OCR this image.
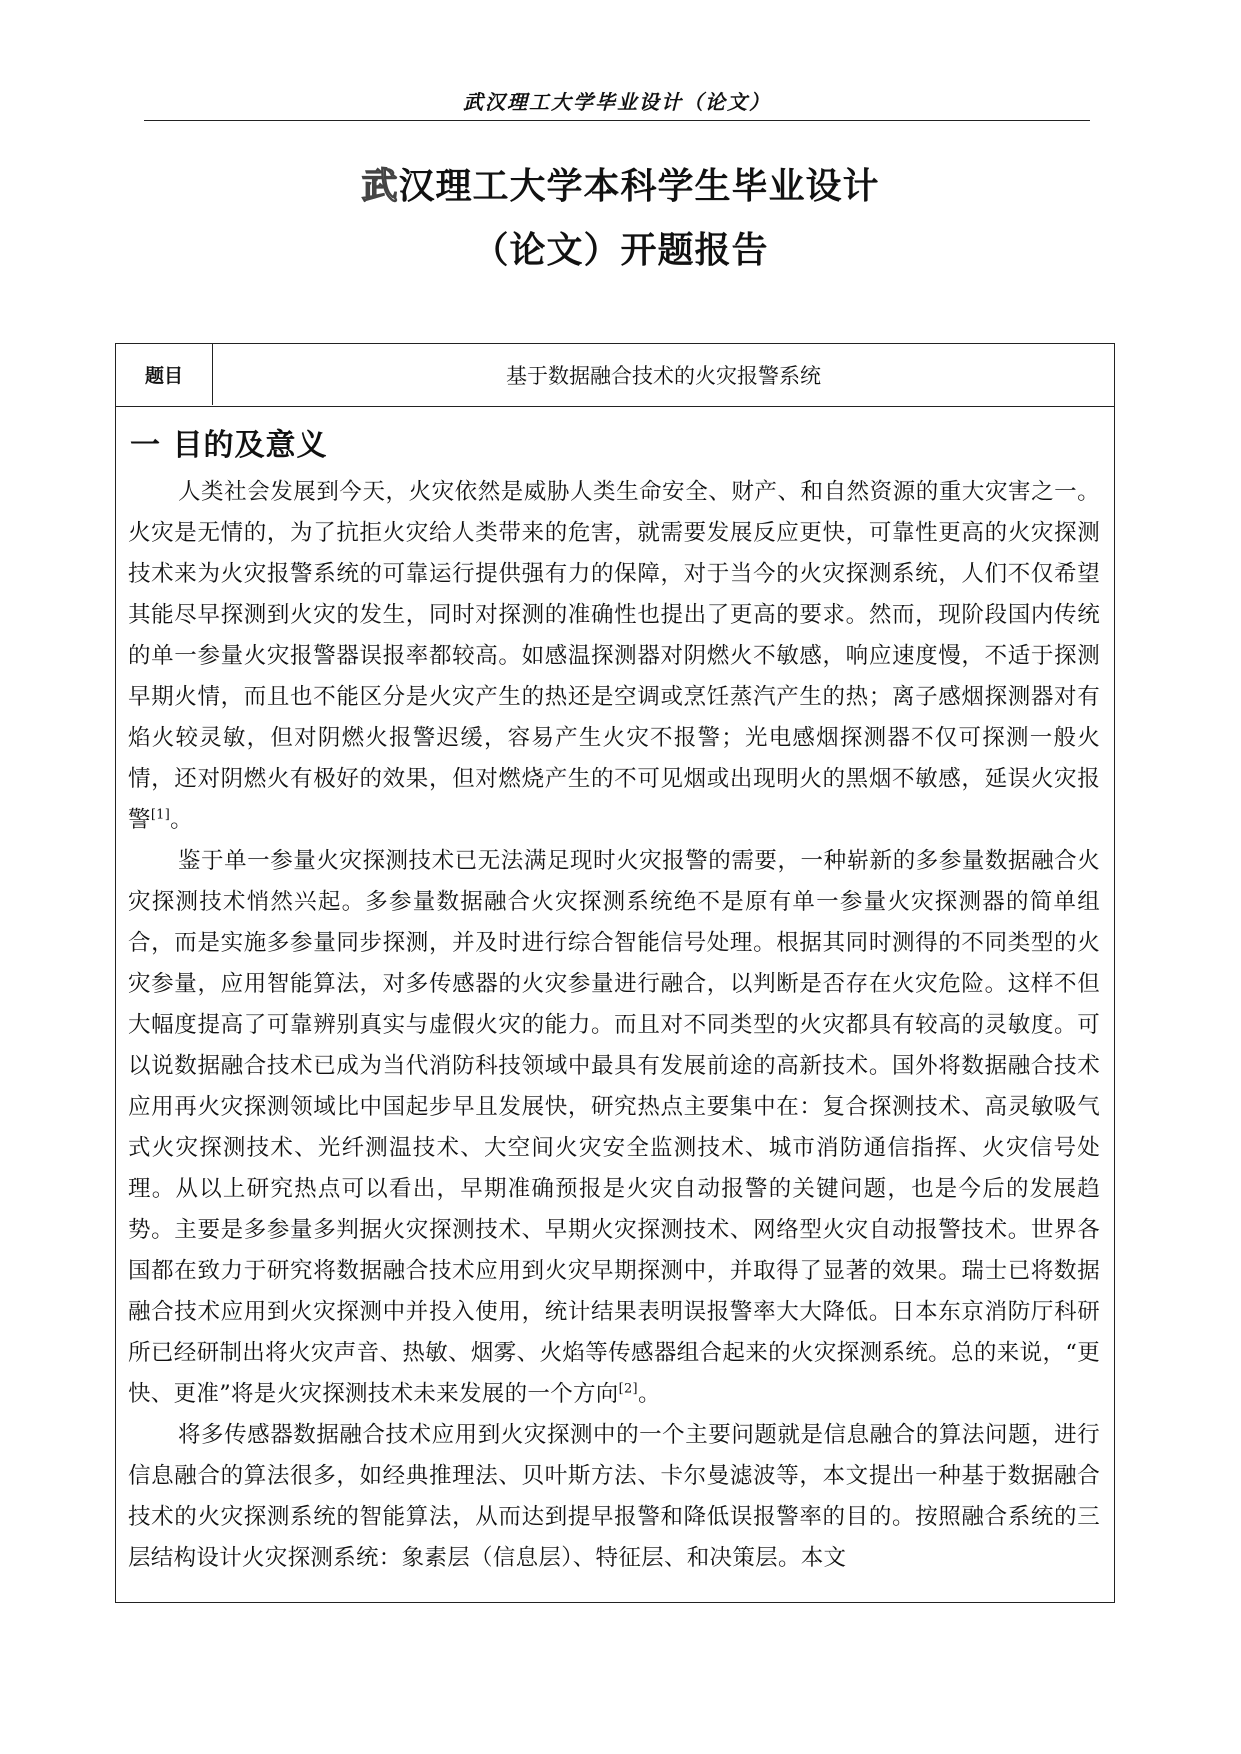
武汉理工大学毕业设计（论文）
武汉理工大学本科学生毕业设计
（论文）开题报告
题目	基于数据融合技术的火灾报警系统
一 目的及意义

人类社会发展到今天，火灾依然是威胁人类生命安全、财产、和自然资源的重大灾害之一。火灾是无情的，为了抗拒火灾给人类带来的危害，就需要发展反应更快，可靠性更高的火灾探测技术来为火灾报警系统的可靠运行提供强有力的保障，对于当今的火灾探测系统，人们不仅希望其能尽早探测到火灾的发生，同时对探测的准确性也提出了更高的要求。然而，现阶段国内传统的单一参量火灾报警器误报率都较高。如感温探测器对阴燃火不敏感，响应速度慢，不适于探测早期火情，而且也不能区分是火灾产生的热还是空调或烹饪蒸汽产生的热；离子感烟探测器对有焰火较灵敏，但对阴燃火报警迟缓，容易产生火灾不报警；光电感烟探测器不仅可探测一般火情，还对阴燃火有极好的效果，但对燃烧产生的不可见烟或出现明火的黑烟不敏感，延误火灾报警[1]。

鉴于单一参量火灾探测技术已无法满足现时火灾报警的需要，一种崭新的多参量数据融合火灾探测技术悄然兴起。多参量数据融合火灾探测系统绝不是原有单一参量火灾探测器的简单组合，而是实施多参量同步探测，并及时进行综合智能信号处理。根据其同时测得的不同类型的火灾参量，应用智能算法，对多传感器的火灾参量进行融合，以判断是否存在火灾危险。这样不但大幅度提高了可靠辨别真实与虚假火灾的能力。而且对不同类型的火灾都具有较高的灵敏度。可以说数据融合技术已成为当代消防科技领域中最具有发展前途的高新技术。国外将数据融合技术应用再火灾探测领域比中国起步早且发展快，研究热点主要集中在：复合探测技术、高灵敏吸气式火灾探测技术、光纤测温技术、大空间火灾安全监测技术、城市消防通信指挥、火灾信号处理。从以上研究热点可以看出，早期准确预报是火灾自动报警的关键问题，也是今后的发展趋势。主要是多参量多判据火灾探测技术、早期火灾探测技术、网络型火灾自动报警技术。世界各国都在致力于研究将数据融合技术应用到火灾早期探测中，并取得了显著的效果。瑞士已将数据融合技术应用到火灾探测中并投入使用，统计结果表明误报警率大大降低。日本东京消防厅科研所已经研制出将火灾声音、热敏、烟雾、火焰等传感器组合起来的火灾探测系统。总的来说，“更快、更准”将是火灾探测技术未来发展的一个方向[2]。

将多传感器数据融合技术应用到火灾探测中的一个主要问题就是信息融合的算法问题，进行信息融合的算法很多，如经典推理法、贝叶斯方法、卡尔曼滤波等，本文提出一种基于数据融合技术的火灾探测系统的智能算法，从而达到提早报警和降低误报警率的目的。按照融合系统的三层结构设计火灾探测系统：象素层（信息层）、特征层、和决策层。本文
